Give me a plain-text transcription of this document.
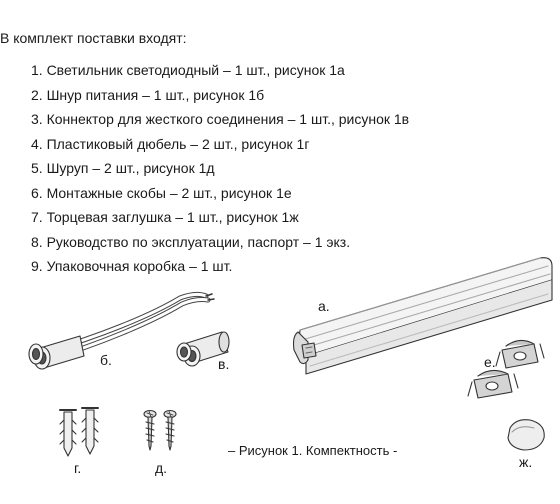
В комплект поставки входят:
1. Светильник светодиодный – 1 шт., рисунок 1а
2. Шнур питания – 1 шт., рисунок 1б
3. Коннектор для жесткого соединения – 1 шт., рисунок 1в
4. Пластиковый дюбель – 2 шт., рисунок 1г
5. Шуруп – 2 шт., рисунок 1д
6. Монтажные скобы – 2 шт., рисунок 1е
7. Торцевая заглушка – 1 шт., рисунок 1ж
8. Руководство по эксплуатации, паспорт – 1 экз.
9. Упаковочная коробка – 1 шт.
а.
б.	в.
г.	д.
е.
ж.
– Рисунок 1. Компектность -
